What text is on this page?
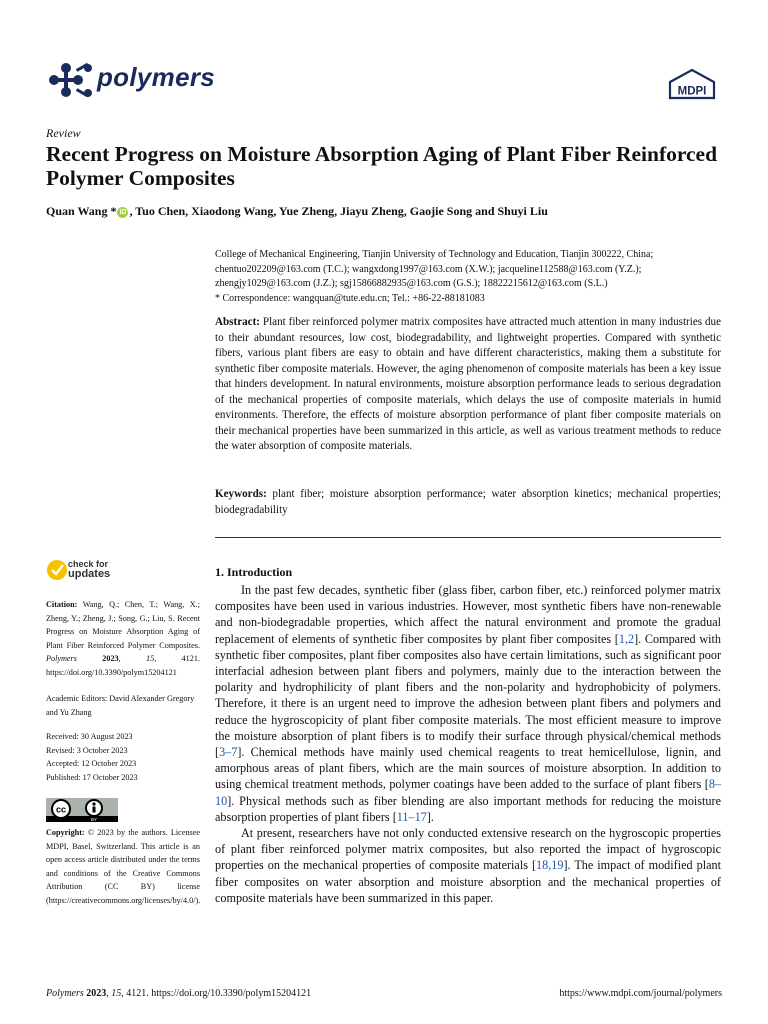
polymers	MDPI
Review
Recent Progress on Moisture Absorption Aging of Plant Fiber Reinforced Polymer Composites
Quan Wang * iD , Tuo Chen, Xiaodong Wang, Yue Zheng, Jiayu Zheng, Gaojie Song and Shuyi Liu

College of Mechanical Engineering, Tianjin University of Technology and Education, Tianjin 300222, China; chentuo202209@163.com (T.C.); wangxdong1997@163.com (X.W.); jacqueline112588@163.com (Y.Z.); zhengjy1029@163.com (J.Z.); sgj15866882935@163.com (G.S.); 18822215612@163.com (S.L.)

* Correspondence: wangquan@tute.edu.cn; Tel.: +86-22-88181083

Abstract: Plant fiber reinforced polymer matrix composites have attracted much attention in many industries due to their abundant resources, low cost, biodegradability, and lightweight properties. Compared with synthetic fibers, various plant fibers are easy to obtain and have different characteristics, making them a substitute for synthetic fiber composite materials. However, the aging phenomenon of composite materials has been a key issue that hinders development. In natural environments, moisture absorption performance leads to serious degradation of the mechanical properties of composite materials, which delays the use of composite materials in humid environments. Therefore, the effects of moisture absorption performance of plant fiber composite materials on their mechanical properties have been summarized in this article, as well as various treatment methods to reduce the water absorption of composite materials.
Keywords: plant fiber; moisture absorption performance; water absorption kinetics; mechanical properties; biodegradability
check for
updates
Citation: Wang, Q.; Chen, T.; Wang, X.; Zheng, Y.; Zheng, J.; Song, G.; Liu, S. Recent Progress on Moisture Absorption Aging of Plant Fiber Reinforced Polymer Composites. Polymers	2023, 15, 4121. https://doi.org/10.3390/polym15204121
Academic Editors: David Alexander Gregory and Yu Zhang

Received: 30 August 2023

Revised: 3 October 2023

Accepted: 12 October 2023

Published: 17 October 2023

cc
BY
Copyright: © 2023 by the authors. Licensee MDPI, Basel, Switzerland. This article is an open access article distributed under the terms and conditions of the Creative Commons Attribution (CC BY) license (https://creativecommons.org/licenses/by/4.0/).
1. Introduction

In the past few decades, synthetic fiber (glass fiber, carbon fiber, etc.) reinforced polymer matrix composites have been used in various industries. However, most synthetic fibers have non-renewable and non-biodegradable properties, which affect the natural environment and promote the gradual replacement of elements of synthetic fiber composites by plant fiber composites [1,2]. Compared with synthetic fiber composites, plant fiber composites also have certain limitations, such as significant poor interfacial adhesion between plant fibers and polymers, mainly due to the interaction between the polarity and hydrophilicity of plant fibers and the non-polarity and hydrophobicity of polymers. Therefore, it there is an urgent need to improve the adhesion between plant fibers and polymers and reduce the hygroscopicity of plant fiber composite materials. The most efficient measure to improve the moisture absorption of plant fibers is to modify their surface through physical/chemical methods [3–7]. Chemical methods have mainly used chemical reagents to treat hemicellulose, lignin, and amorphous areas of plant fibers, which are the main sources of moisture absorption. In addition to using chemical treatment methods, polymer coatings have been added to the surface of plant fibers [8–10]. Physical methods such as fiber blending are also important methods for reducing the moisture absorption properties of plant fibers [11–17].

At present, researchers have not only conducted extensive research on the hygroscopic properties of plant fiber reinforced polymer matrix composites, but also reported the impact of hygroscopic properties on the mechanical properties of composite materials [18,19]. The impact of modified plant fiber composites on water absorption and moisture absorption and the mechanical properties of composite materials have been summarized in this paper.

Polymers 2023, 15, 4121. https://doi.org/10.3390/polym15204121	https://www.mdpi.com/journal/polymers
